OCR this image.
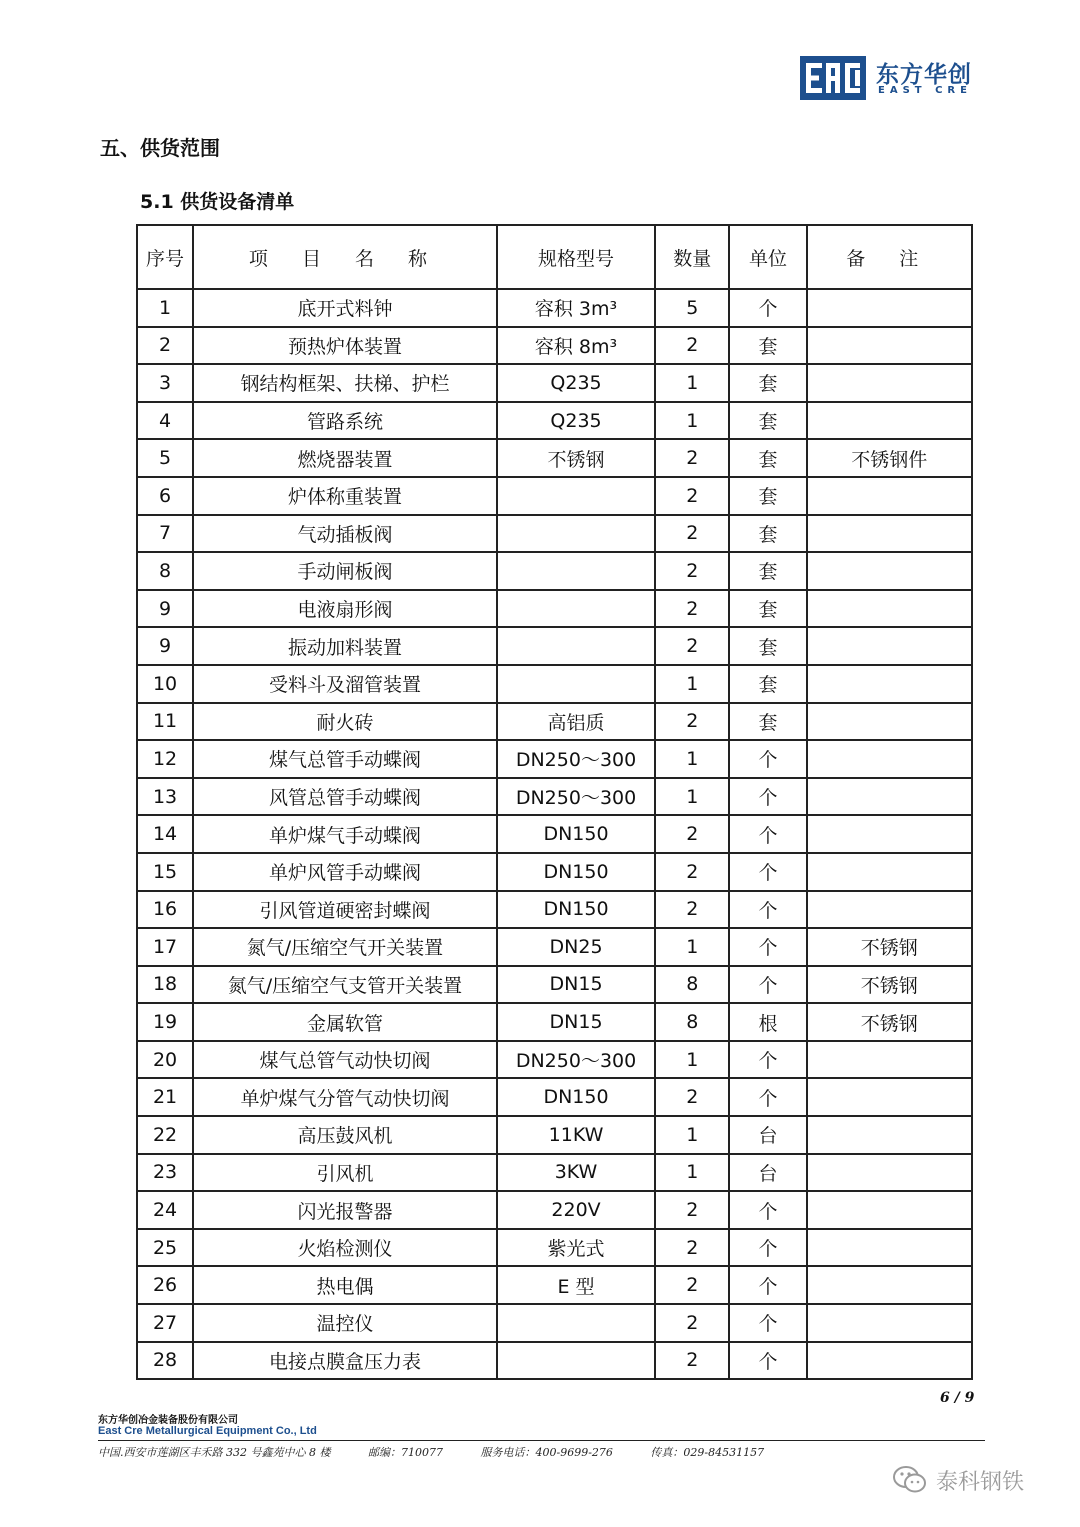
东方华创
EAST CRE
五、供货范围
5.1 供货设备清单
序号	项 目 名 称	规格型号	数量	单位	备 注
1	底开式料钟	容积 3m³	5	个	
2	预热炉体装置	容积 8m³	2	套	
3	钢结构框架、扶梯、护栏	Q235	1	套	
4	管路系统	Q235	1	套	
5	燃烧器装置	不锈钢	2	套	不锈钢件
6	炉体称重装置		2	套	
7	气动插板阀		2	套	
8	手动闸板阀		2	套	
9	电液扇形阀		2	套	
9	振动加料装置		2	套	
10	受料斗及溜管装置		1	套	
11	耐火砖	高铝质	2	套	
12	煤气总管手动蝶阀	DN250～300	1	个	
13	风管总管手动蝶阀	DN250～300	1	个	
14	单炉煤气手动蝶阀	DN150	2	个	
15	单炉风管手动蝶阀	DN150	2	个	
16	引风管道硬密封蝶阀	DN150	2	个	
17	氮气/压缩空气开关装置	DN25	1	个	不锈钢
18	氮气/压缩空气支管开关装置	DN15	8	个	不锈钢
19	金属软管	DN15	8	根	不锈钢
20	煤气总管气动快切阀	DN250～300	1	个	
21	单炉煤气分管气动快切阀	DN150	2	个	
22	高压鼓风机	11KW	1	台	
23	引风机	3KW	1	台	
24	闪光报警器	220V	2	个	
25	火焰检测仪	紫光式	2	个	
26	热电偶	E 型	2	个	
27	温控仪		2	个	
28	电接点膜盒压力表		2	个	
6 / 9
东方华创冶金装备股份有限公司
East Cre Metallurgical Equipment Co., Ltd
中国.西安市莲湖区丰禾路 332 号鑫苑中心 8 楼	邮编：710077	服务电话：400-9699-276	传真：029-84531157
泰科钢铁
